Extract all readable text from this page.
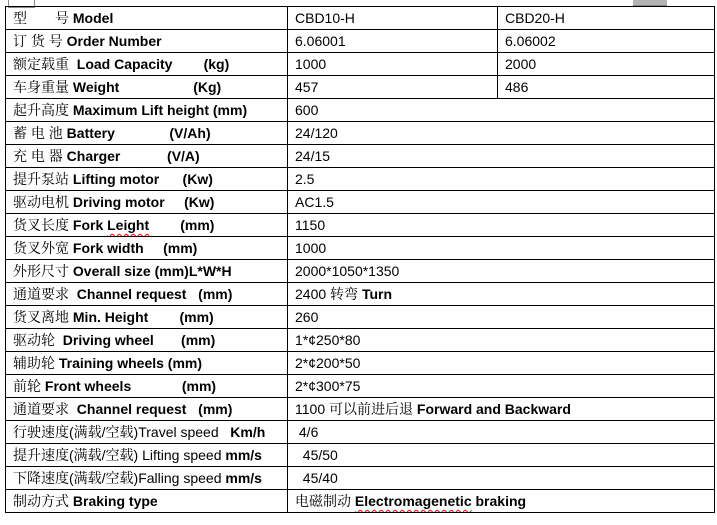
型　　号 Model	CBD10-H	CBD20-H
订 货 号 Order Number	6.06001	6.06002
额定载重  Load Capacity (kg)	1000	2000
车身重量 Weight (Kg)	457	486
起升高度 Maximum Lift height (mm)	600	
蓄 电 池 Battery (V/Ah)	24/120	
充 电 器 Charger (V/A)	24/15	
提升泵站 Lifting motor (Kw)	2.5	
驱动电机 Driving motor (Kw)	AC1.5	
货叉长度 Fork Leight (mm)	1150	
货叉外宽 Fork width (mm)	1000	
外形尺寸 Overall size (mm)L*W*H	2000*1050*1350	
通道要求  Channel request (mm)	2400 转弯 Turn	
货叉离地 Min. Height (mm)	260	
驱动轮  Driving wheel (mm)	1*¢250*80	
辅助轮 Training wheels (mm)	2*¢200*50	
前轮 Front wheels (mm)	2*¢300*75	
通道要求  Channel request (mm)	1100 可以前进后退 Forward and Backward	
行驶速度(满载/空载)Travel speed Km/h	4/6	
提升速度(满载/空载) Lifting speed mm/s	45/50	
下降速度(满载/空载)Falling speed mm/s	45/40	
制动方式 Braking type	电磁制动 Electromagenetic braking	
